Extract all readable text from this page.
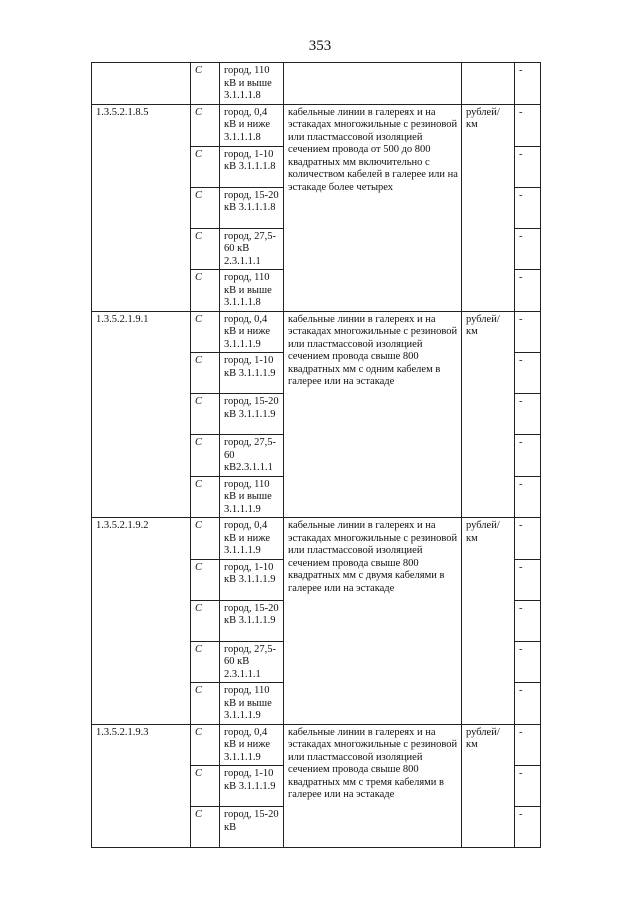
353
	C	город, 110 кВ и выше 3.1.1.1.8			-
1.3.5.2.1.8.5	C	город, 0,4 кВ и ниже 3.1.1.1.8	кабельные линии в галереях и на эстакадах многожильные с резиновой или пластмассовой изоляцией сечением провода от 500 до 800 квадратных мм включительно с количеством кабелей в галерее или на эстакаде более четырех	рублей/ км	-
	C	город, 1-10 кВ 3.1.1.1.8			-
	C	город, 15-20 кВ 3.1.1.1.8			-
	C	город, 27,5-60 кВ 2.3.1.1.1			-
	C	город, 110 кВ и выше 3.1.1.1.8			-
1.3.5.2.1.9.1	C	город, 0,4 кВ и ниже 3.1.1.1.9	кабельные линии в галереях и на эстакадах многожильные с резиновой или пластмассовой изоляцией сечением провода свыше 800 квадратных мм с одним кабелем в галерее или на эстакаде	рублей/ км	-
	C	город, 1-10 кВ 3.1.1.1.9			-
	C	город, 15-20 кВ 3.1.1.1.9			-
	C	город, 27,5-60 кВ2.3.1.1.1			-
	C	город, 110 кВ и выше 3.1.1.1.9			-
1.3.5.2.1.9.2	C	город, 0,4 кВ и ниже 3.1.1.1.9	кабельные линии в галереях и на эстакадах многожильные с резиновой или пластмассовой изоляцией сечением провода свыше 800 квадратных мм с двумя кабелями в галерее или на эстакаде	рублей/ км	-
	C	город, 1-10 кВ 3.1.1.1.9			-
	C	город, 15-20 кВ 3.1.1.1.9			-
	C	город, 27,5-60 кВ 2.3.1.1.1			-
	C	город, 110 кВ и выше 3.1.1.1.9			-
1.3.5.2.1.9.3	C	город, 0,4 кВ и ниже 3.1.1.1.9	кабельные линии в галереях и на эстакадах многожильные с резиновой или пластмассовой изоляцией сечением провода свыше 800 квадратных мм с тремя кабелями в галерее или на эстакаде	рублей/ км	-
	C	город, 1-10 кВ 3.1.1.1.9			-
	C	город, 15-20 кВ			-
